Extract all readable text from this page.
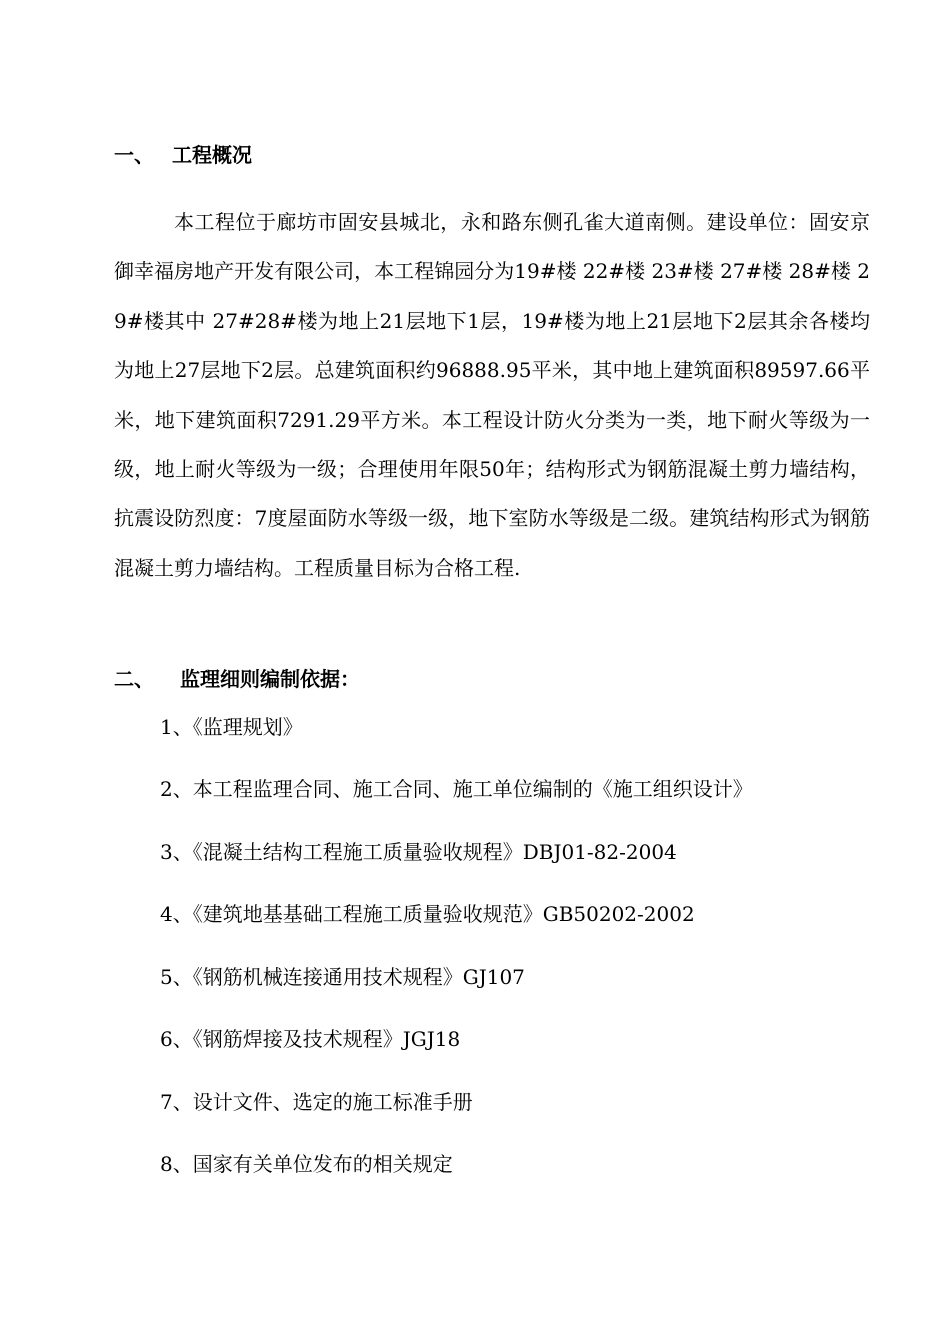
一、 工程概况

本工程位于廊坊市固安县城北，永和路东侧孔雀大道南侧。建设单位：固安京御幸福房地产开发有限公司，本工程锦园分为19#楼 22#楼 23#楼 27#楼 28#楼 29#楼其中 27#28#楼为地上21层地下1层，19#楼为地上21层地下2层其余各楼均为地上27层地下2层。总建筑面积约96888.95平米，其中地上建筑面积89597.66平米，地下建筑面积7291.29平方米。本工程设计防火分类为一类，地下耐火等级为一级，地上耐火等级为一级；合理使用年限50年；结构形式为钢筋混凝土剪力墙结构，抗震设防烈度：7度屋面防水等级一级，地下室防水等级是二级。建筑结构形式为钢筋混凝土剪力墙结构。工程质量目标为合格工程.

二、 监理细则编制依据：
1、《监理规划》
2、本工程监理合同、施工合同、施工单位编制的《施工组织设计》
3、《混凝土结构工程施工质量验收规程》DBJ01-82-2004
4、《建筑地基基础工程施工质量验收规范》GB50202-2002
5、《钢筋机械连接通用技术规程》GJ107
6、《钢筋焊接及技术规程》JGJ18
7、设计文件、选定的施工标准手册
8、国家有关单位发布的相关规定
